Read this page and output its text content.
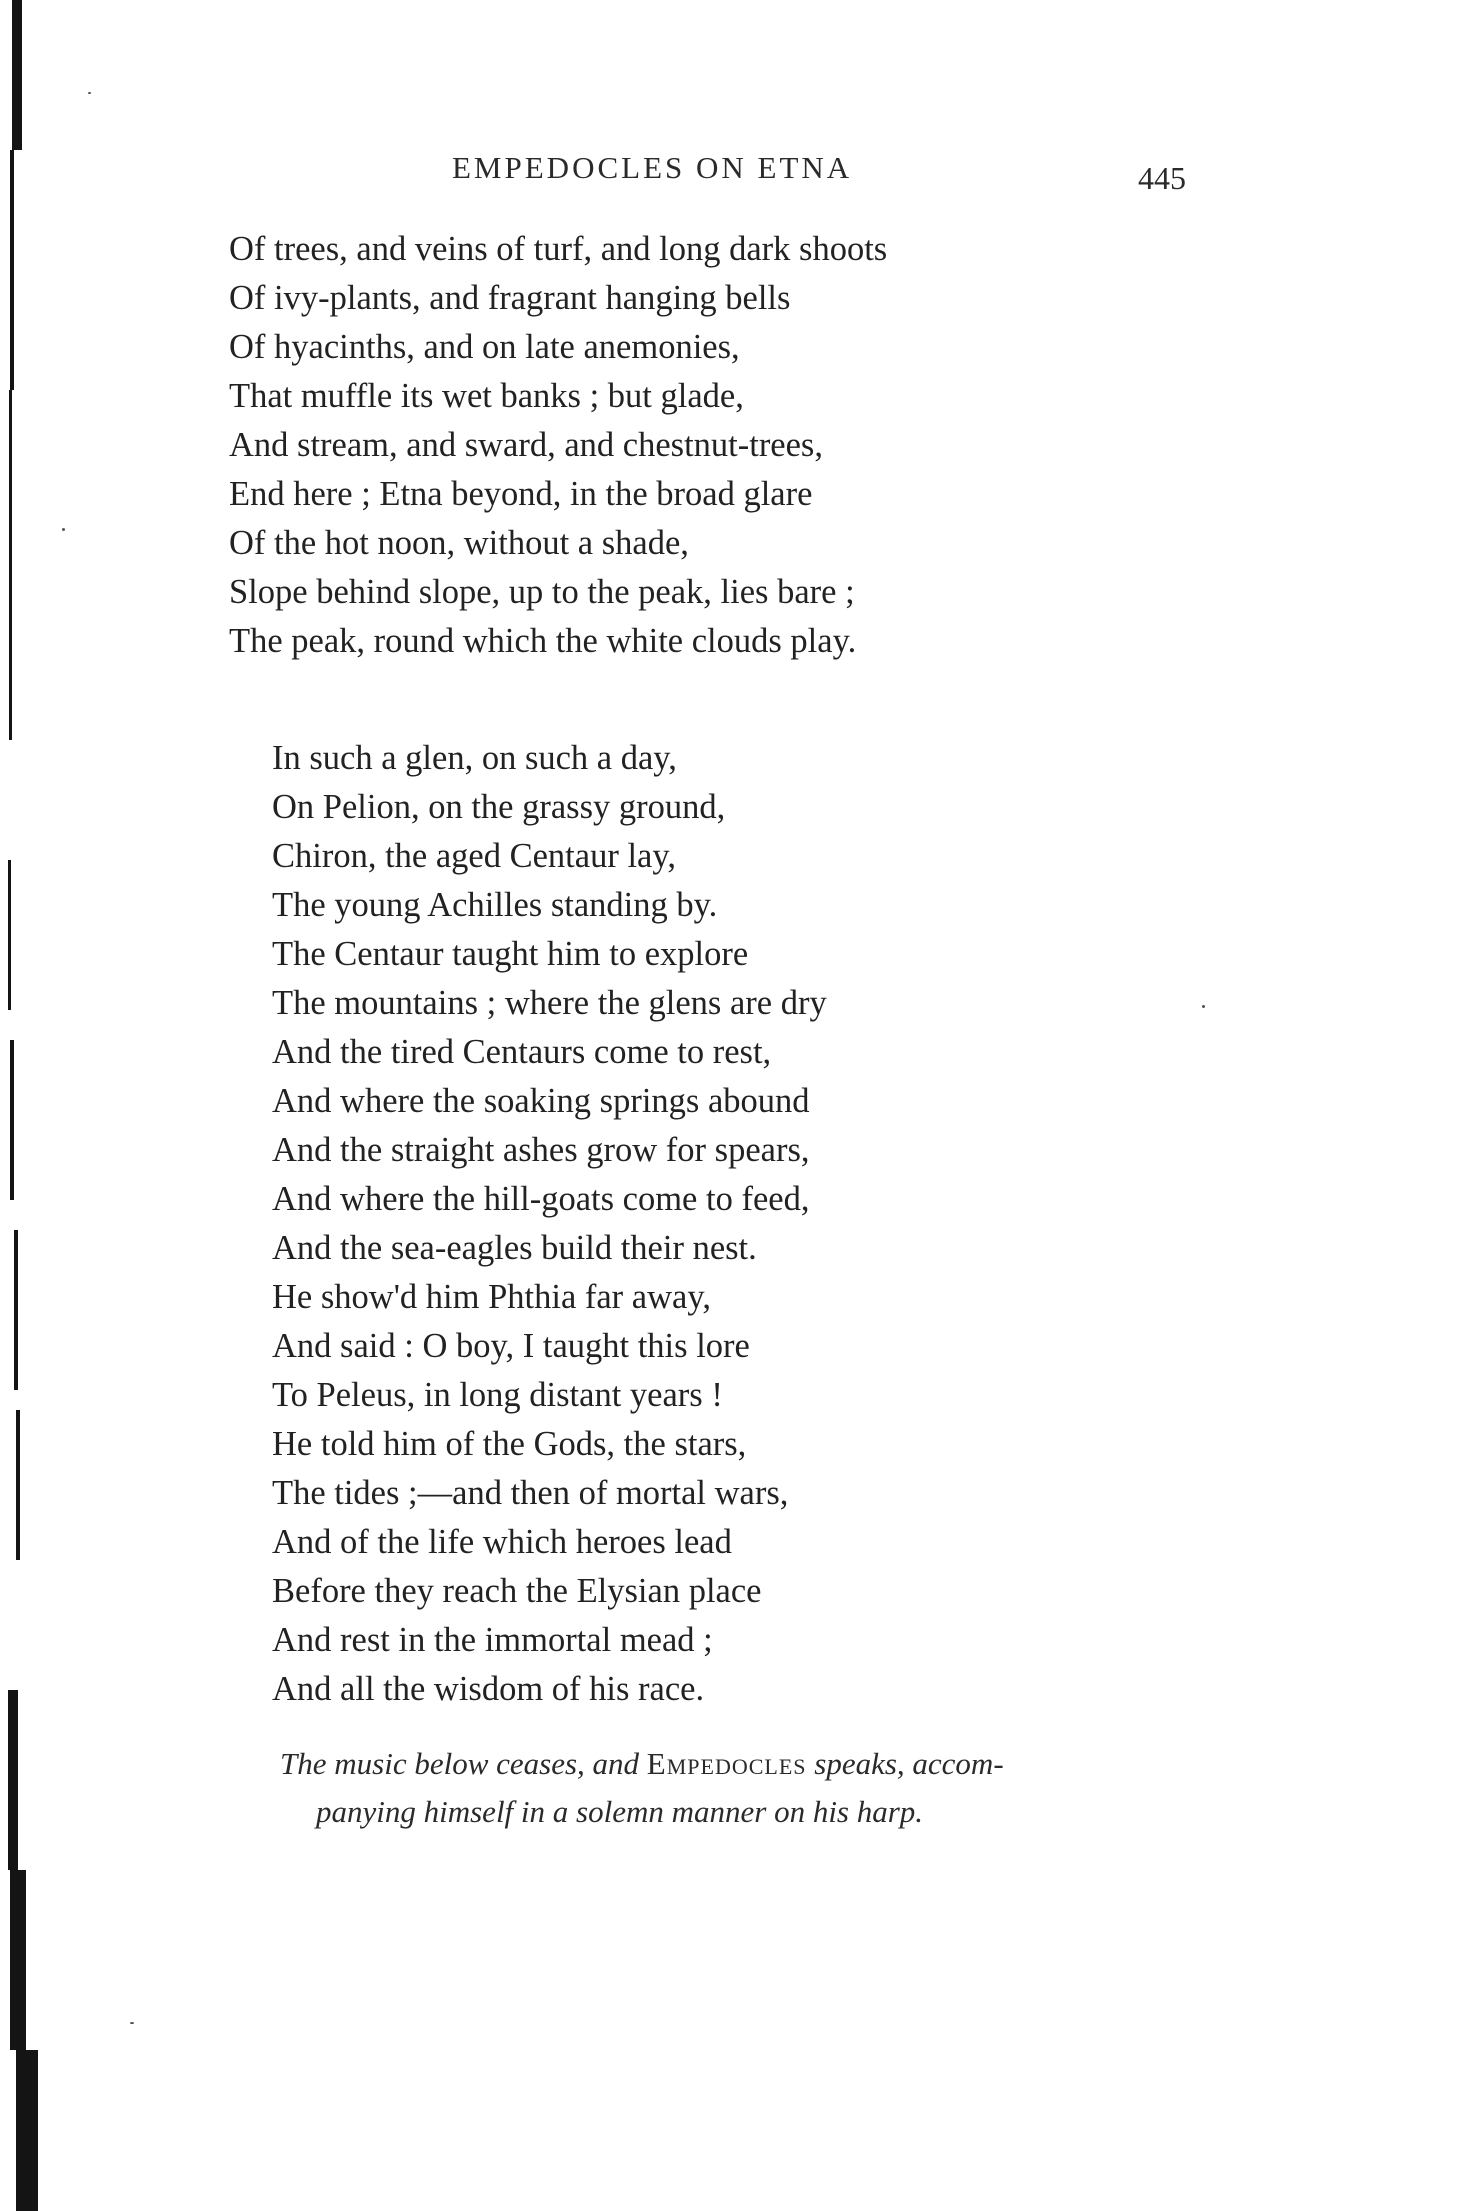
EMPEDOCLES ON ETNA	445
Of trees, and veins of turf, and long dark shoots
Of ivy-plants, and fragrant hanging bells
Of hyacinths, and on late anemonies,
That muffle its wet banks ; but glade,
And stream, and sward, and chestnut-trees,
End here ; Etna beyond, in the broad glare
Of the hot noon, without a shade,
Slope behind slope, up to the peak, lies bare ;
The peak, round which the white clouds play.
In such a glen, on such a day,
On Pelion, on the grassy ground,
Chiron, the aged Centaur lay,
The young Achilles standing by.
The Centaur taught him to explore
The mountains ; where the glens are dry
And the tired Centaurs come to rest,
And where the soaking springs abound
And the straight ashes grow for spears,
And where the hill-goats come to feed,
And the sea-eagles build their nest.
He show'd him Phthia far away,
And said : O boy, I taught this lore
To Peleus, in long distant years !
He told him of the Gods, the stars,
The tides ;—and then of mortal wars,
And of the life which heroes lead
Before they reach the Elysian place
And rest in the immortal mead ;
And all the wisdom of his race.
The music below ceases, and Empedocles speaks, accom-
panying himself in a solemn manner on his harp.
